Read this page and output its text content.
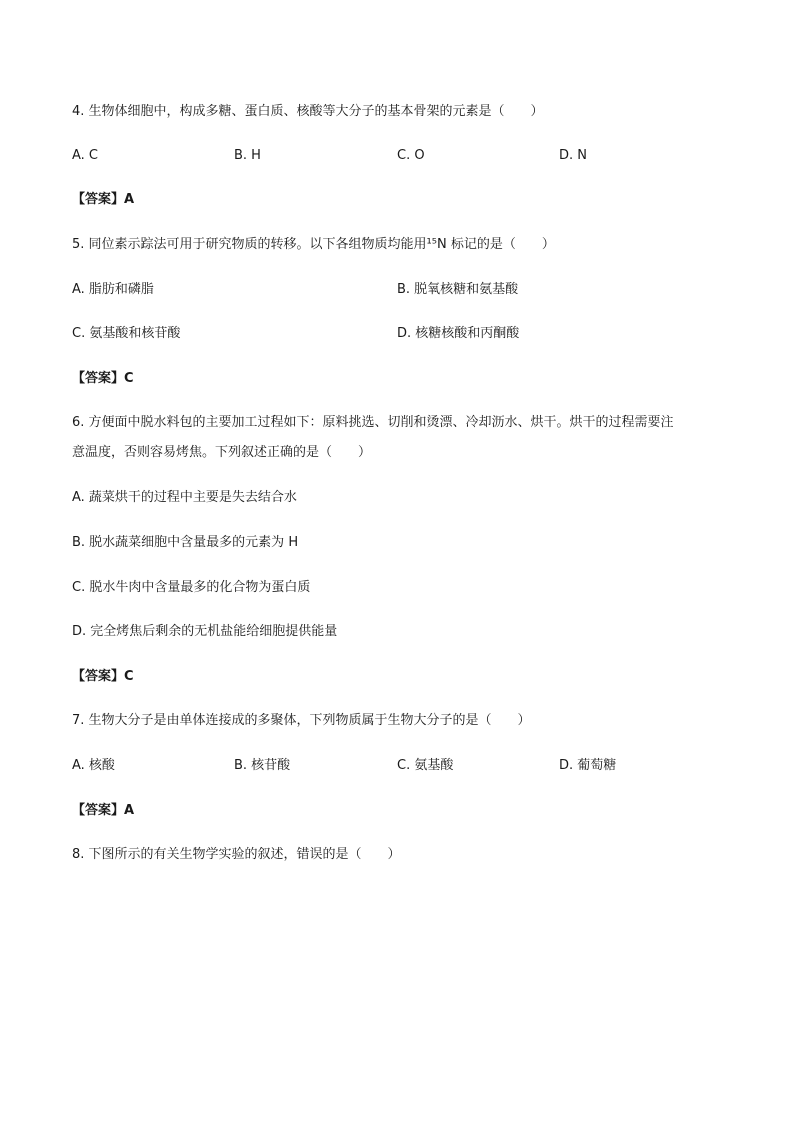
4. 生物体细胞中，构成多糖、蛋白质、核酸等大分子的基本骨架的元素是（　　）
A. C	B. H	C. O	D. N
【答案】A
5. 同位素示踪法可用于研究物质的转移。以下各组物质均能用¹⁵N 标记的是（　　）
A. 脂肪和磷脂	B. 脱氧核糖和氨基酸
C. 氨基酸和核苷酸	D. 核糖核酸和丙酮酸
【答案】C
6. 方便面中脱水料包的主要加工过程如下：原料挑选、切削和烫漂、冷却沥水、烘干。烘干的过程需要注
意温度，否则容易烤焦。下列叙述正确的是（　　）
A. 蔬菜烘干的过程中主要是失去结合水
B. 脱水蔬菜细胞中含量最多的元素为 H
C. 脱水牛肉中含量最多的化合物为蛋白质
D. 完全烤焦后剩余的无机盐能给细胞提供能量
【答案】C
7. 生物大分子是由单体连接成的多聚体，下列物质属于生物大分子的是（　　）
A. 核酸	B. 核苷酸	C. 氨基酸	D. 葡萄糖
【答案】A
8. 下图所示的有关生物学实验的叙述，错误的是（　　）
